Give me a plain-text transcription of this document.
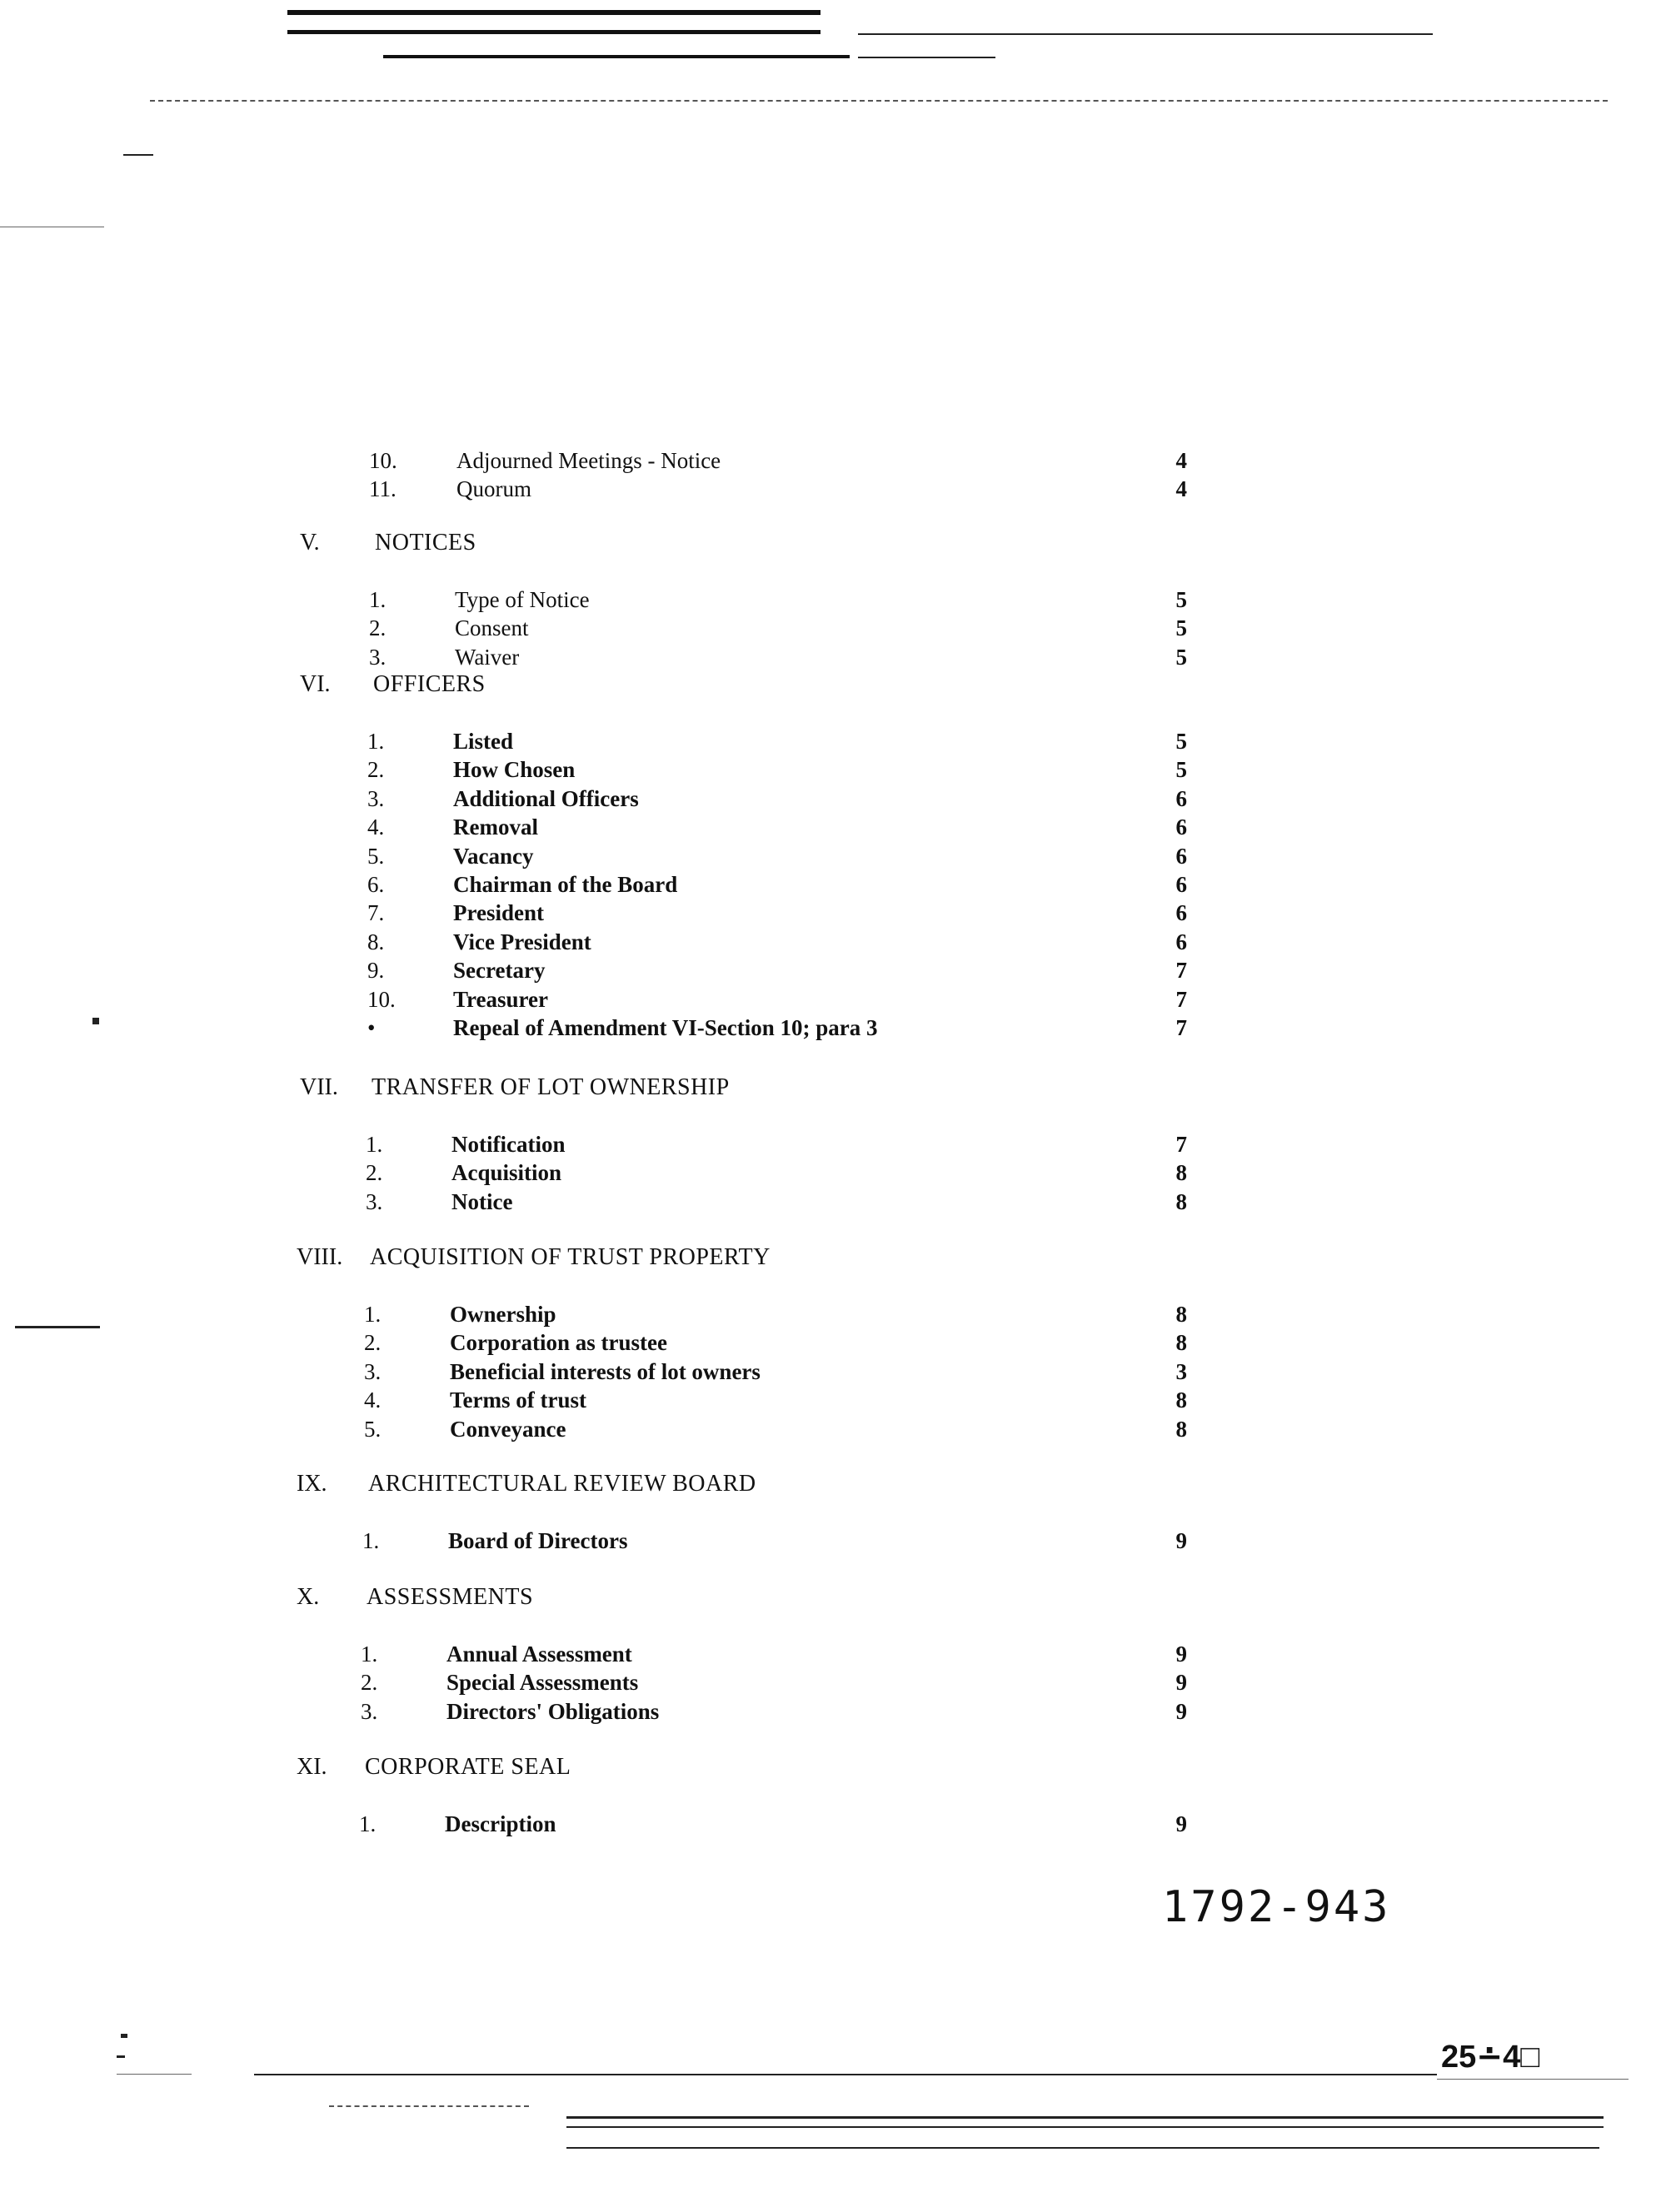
10.	Adjourned Meetings - Notice	4
11.	Quorum	4
V. NOTICES
1.	Type of Notice	5
2.	Consent	5
3.	Waiver	5
VI. OFFICERS
1.	Listed	5
2.	How Chosen	5
3.	Additional Officers	6
4.	Removal	6
5.	Vacancy	6
6.	Chairman of the Board	6
7.	President	6
8.	Vice President	6
9.	Secretary	7
10.	Treasurer	7
•	Repeal of Amendment VI-Section 10; para 3	7
VII. TRANSFER OF LOT OWNERSHIP
1.	Notification	7
2.	Acquisition	8
3.	Notice	8
VIII. ACQUISITION OF TRUST PROPERTY
1.	Ownership	8
2.	Corporation as trustee	8
3.	Beneficial interests of lot owners	3
4.	Terms of trust	8
5.	Conveyance	8
IX. ARCHITECTURAL REVIEW BOARD
1.	Board of Directors	9
X. ASSESSMENTS
1.	Annual Assessment	9
2.	Special Assessments	9
3.	Directors' Obligations	9
XI. CORPORATE SEAL
1.	Description	9
1792-943
25∸4□
